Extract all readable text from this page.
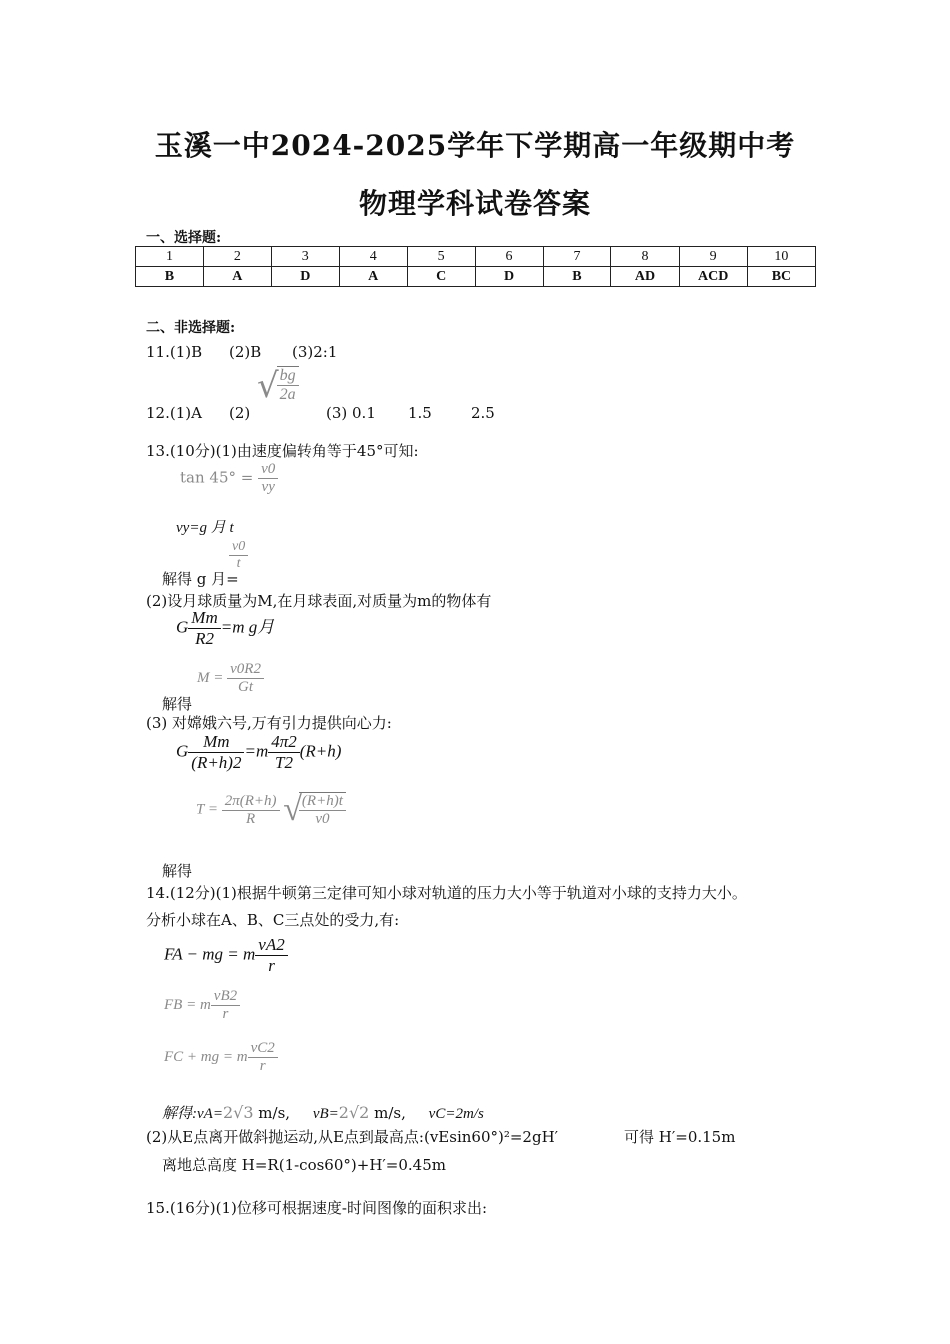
玉溪一中2024-2025学年下学期高一年级期中考
物理学科试卷答案
一、选择题:
1	2	3	4	5	6	7	8	9	10
B	A	D	A	C	D	B	AD	ACD	BC
二、非选择题:
11.(1)B (2)B (3)2:1
12.(1)A (2)
√
$\frac{bg}{2a}$
(3) 0.1 1.5	2.5
13.(10分)(1)由速度偏转角等于45°可知:
$\tan 45^\circ = \frac{v0}{vy}$
vy=g 月 t
$\frac{v0}{t}$
解得 g 月=
(2)设月球质量为M,在月球表面,对质量为m的物体有
G $\frac{Mm}{R2} =m$ g月
$M = \frac{v0R2}{Gt}$
解得
(3) 对嫦娥六号,万有引力提供向心力:
G $\frac{Mm}{(R+h)2} =m \frac{4\pi 2}{T2} (R+h)$
$T = \frac{2\pi(R+h)}{R}$ √
$\frac{(R+h)t}{v0}$
解得
14.(12分)(1)根据牛顿第三定律可知小球对轨道的压力大小等于轨道对小球的支持力大小。
分析小球在A、B、C三点处的受力,有:
FA − mg = m $\frac{vA2}{r}$
FB = m $\frac{vB2}{r}$
FC + mg = m $\frac{vC2}{r}$
解得:vA=2√3 m/s, vB=2√2 m/s, vC=2m/s
(2)从E点离开做斜抛运动,从E点到最高点:(vEsin60°)²=2gH′	可得 H′=0.15m
离地总高度 H=R(1-cos60°)+H′=0.45m
15.(16分)(1)位移可根据速度-时间图像的面积求出:
